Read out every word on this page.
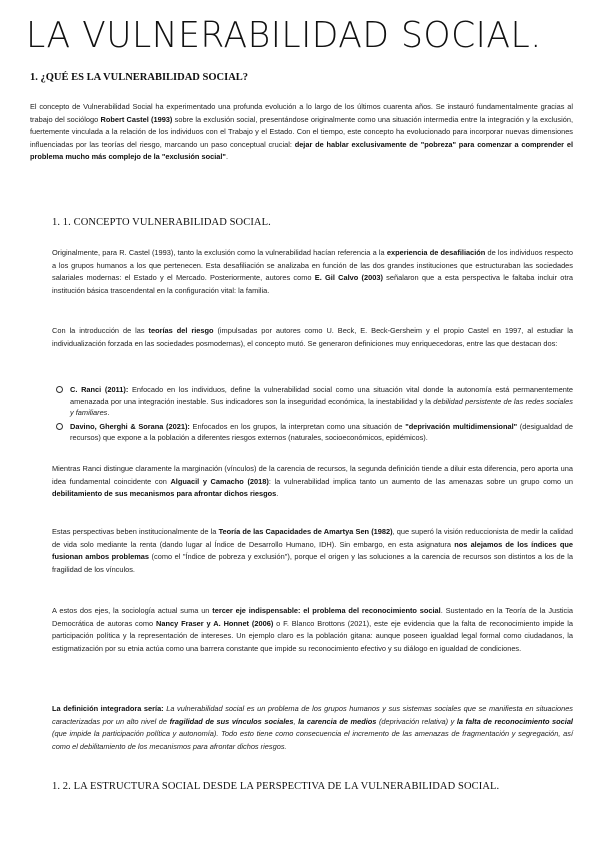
LA VULNERABILIDAD SOCIAL.
1. ¿QUÉ ES LA VULNERABILIDAD SOCIAL?

El concepto de Vulnerabilidad Social ha experimentado una profunda evolución a lo largo de los últimos cuarenta años. Se instauró fundamentalmente gracias al trabajo del sociólogo Robert Castel (1993) sobre la exclusión social, presentándose originalmente como una situación intermedia entre la integración y la exclusión, fuertemente vinculada a la relación de los individuos con el Trabajo y el Estado. Con el tiempo, este concepto ha evolucionado para incorporar nuevas dimensiones influenciadas por las teorías del riesgo, marcando un paso conceptual crucial: dejar de hablar exclusivamente de "pobreza" para comenzar a comprender el problema mucho más complejo de la "exclusión social".

1. 1. CONCEPTO VULNERABILIDAD SOCIAL.

Originalmente, para R. Castel (1993), tanto la exclusión como la vulnerabilidad hacían referencia a la experiencia de desafiliación de los individuos respecto a los grupos humanos a los que pertenecen. Esta desafiliación se analizaba en función de las dos grandes instituciones que estructuraban las sociedades salariales modernas: el Estado y el Mercado. Posteriormente, autores como E. Gil Calvo (2003) señalaron que a esta perspectiva le faltaba incluir otra institución básica trascendental en la configuración vital: la familia.

Con la introducción de las teorías del riesgo (impulsadas por autores como U. Beck, E. Beck-Gersheim y el propio Castel en 1997, al estudiar la individualización forzada en las sociedades posmodernas), el concepto mutó. Se generaron definiciones muy enriquecedoras, entre las que destacan dos:

C. Ranci (2011): Enfocado en los individuos, define la vulnerabilidad social como una situación vital donde la autonomía está permanentemente amenazada por una integración inestable. Sus indicadores son la inseguridad económica, la inestabilidad y la debilidad persistente de las redes sociales y familiares.
Davino, Gherghi & Sorana (2021): Enfocados en los grupos, la interpretan como una situación de "deprivación multidimensional" (desigualdad de recursos) que expone a la población a diferentes riesgos externos (naturales, socioeconómicos, epidémicos).

Mientras Ranci distingue claramente la marginación (vínculos) de la carencia de recursos, la segunda definición tiende a diluir esta diferencia, pero aporta una idea fundamental coincidente con Alguacil y Camacho (2018): la vulnerabilidad implica tanto un aumento de las amenazas sobre un grupo como un debilitamiento de sus mecanismos para afrontar dichos riesgos.

Estas perspectivas beben institucionalmente de la Teoría de las Capacidades de Amartya Sen (1982), que superó la visión reduccionista de medir la calidad de vida solo mediante la renta (dando lugar al Índice de Desarrollo Humano, IDH). Sin embargo, en esta asignatura nos alejamos de los índices que fusionan ambos problemas (como el "Índice de pobreza y exclusión"), porque el origen y las soluciones a la carencia de recursos son distintos a los de la fragilidad de los vínculos.

A estos dos ejes, la sociología actual suma un tercer eje indispensable: el problema del reconocimiento social. Sustentado en la Teoría de la Justicia Democrática de autoras como Nancy Fraser y A. Honnet (2006) o F. Blanco Brottons (2021), este eje evidencia que la falta de reconocimiento impide la participación política y la representación de intereses. Un ejemplo claro es la población gitana: aunque poseen igualdad legal formal como ciudadanos, la estigmatización por su etnia actúa como una barrera constante que impide su reconocimiento efectivo y su diálogo en igualdad de condiciones.

La definición integradora sería: La vulnerabilidad social es un problema de los grupos humanos y sus sistemas sociales que se manifiesta en situaciones caracterizadas por un alto nivel de fragilidad de sus vínculos sociales, la carencia de medios (deprivación relativa) y la falta de reconocimiento social (que impide la participación política y autonomía). Todo esto tiene como consecuencia el incremento de las amenazas de fragmentación y segregación, así como el debilitamiento de los mecanismos para afrontar dichos riesgos.

1. 2. LA ESTRUCTURA SOCIAL DESDE LA PERSPECTIVA DE LA VULNERABILIDAD SOCIAL.
